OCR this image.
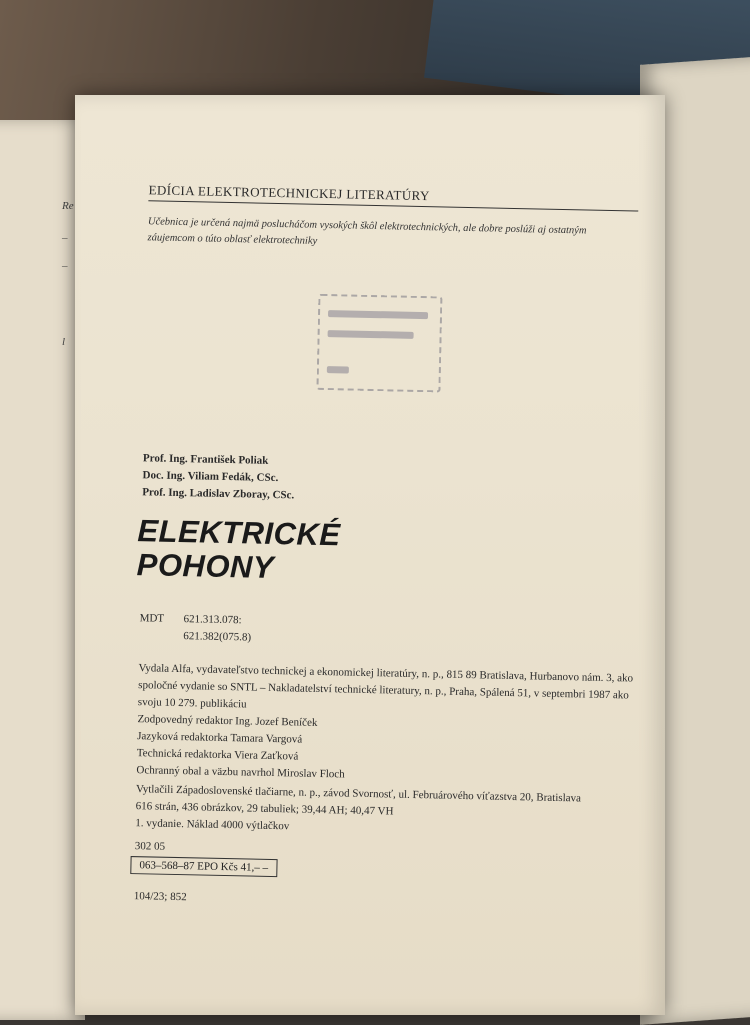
Re
–
–
l
EDÍCIA ELEKTROTECHNICKEJ LITERATÚRY
Učebnica je určená najmä poslucháčom vysokých škôl elektrotechnických, ale dobre poslúži aj ostatným záujemcom o túto oblasť elektrotechniky
Prof. Ing. František Poliak
Doc. Ing. Viliam Fedák, CSc.
Prof. Ing. Ladislav Zboray, CSc.
ELEKTRICKÉ
POHONY
MDT 621.313.078:
621.382(075.8)

Vydala Alfa, vydavateľstvo technickej a ekonomickej literatúry, n. p., 815 89 Bratislava, Hurbanovo nám. 3, ako spoločné vydanie so SNTL – Nakladatelství technické literatury, n. p., Praha, Spálená 51, v septembri 1987 ako svoju 10 279. publikáciu

Zodpovedný redaktor Ing. Jozef Beníček

Jazyková redaktorka Tamara Vargová

Technická redaktorka Viera Zaťková

Ochranný obal a väzbu navrhol Miroslav Floch

Vytlačili Západoslovenské tlačiarne, n. p., závod Svornosť, ul. Februárového víťazstva 20, Bratislava

616 strán, 436 obrázkov, 29 tabuliek; 39,44 AH; 40,47 VH

1. vydanie. Náklad 4000 výtlačkov

302 05
063–568–87 EPO Kčs 41,– –
104/23; 852
